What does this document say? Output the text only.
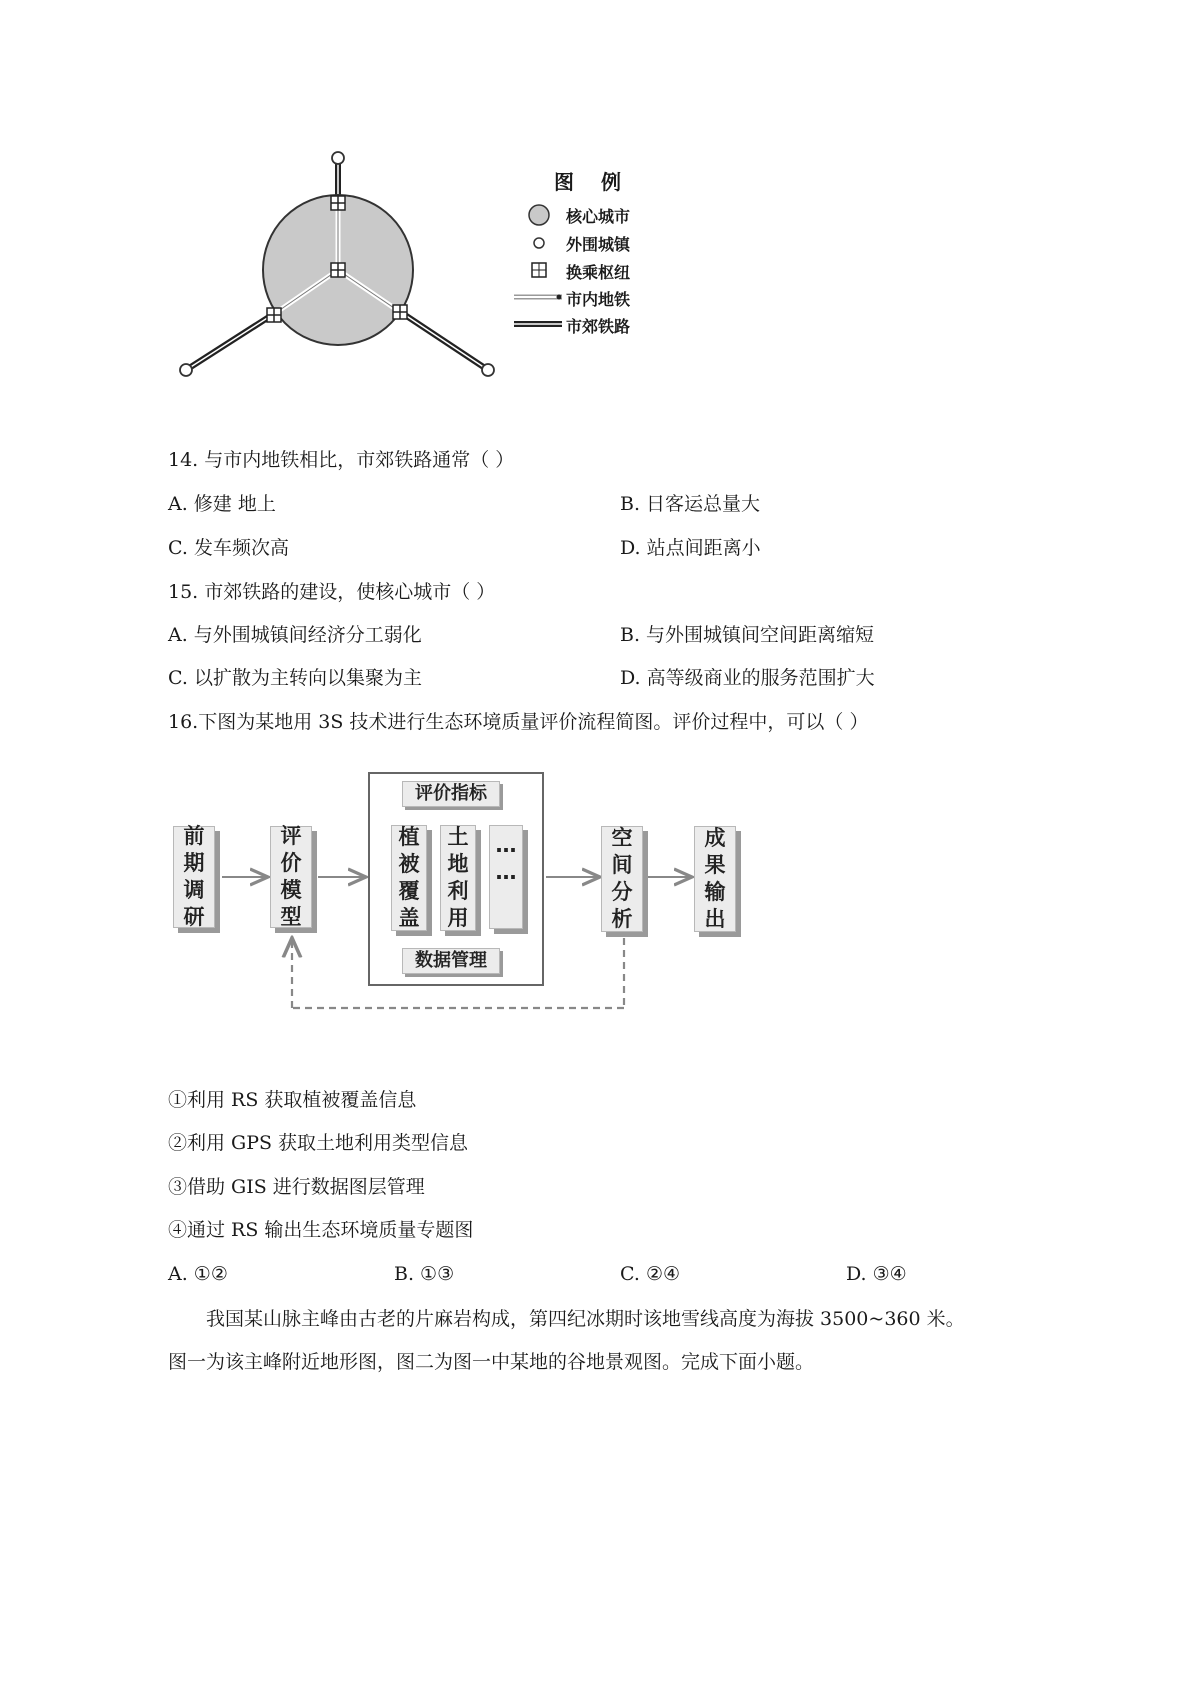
图 例
核心城市
外围城镇
换乘枢纽
市内地铁
市郊铁路
14. 与市内地铁相比，市郊铁路通常（ ）
A. 修建 地上	B. 日客运总量大
C. 发车频次高	D. 站点间距离小
15. 市郊铁路的建设，使核心城市（ ）
A. 与外围城镇间经济分工弱化	B. 与外围城镇间空间距离缩短
C. 以扩散为主转向以集聚为主	D. 高等级商业的服务范围扩大
16.下图为某地用 3S 技术进行生态环境质量评价流程简图。评价过程中，可以（ ）
前
期
调
研
评
价
模
型
评价指标
植
被
覆
盖
土
地
利
用
…
…
数据管理
空
间
分
析
成
果
输
出
①利用 RS 获取植被覆盖信息
②利用 GPS 获取土地利用类型信息
③借助 GIS 进行数据图层管理
④通过 RS 输出生态环境质量专题图
A. ①②	B. ①③	C. ②④	D. ③④
我国某山脉主峰由古老的片麻岩构成，第四纪冰期时该地雪线高度为海拔 3500~360 米。
图一为该主峰附近地形图，图二为图一中某地的谷地景观图。完成下面小题。
